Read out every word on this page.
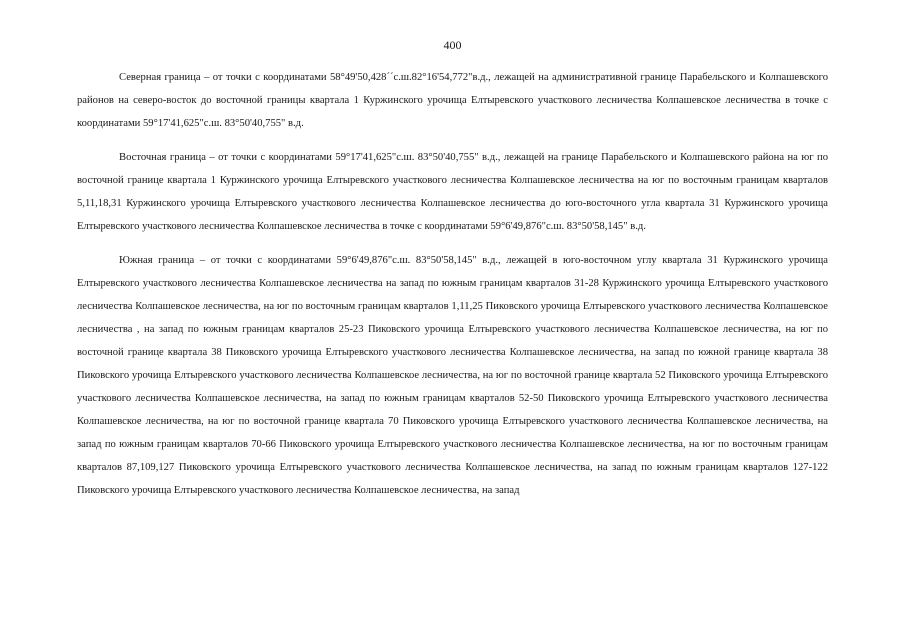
400

Северная граница – от точки с координатами 58°49'50,428´´с.ш.82°16'54,772"в.д., лежащей на административной границе Парабельского и Колпашевского районов на северо-восток до восточной границы квартала 1 Куржинского урочища Елтыревского участкового лесничества Колпашевское лесничества в точке с координатами 59°17'41,625"с.ш. 83°50'40,755" в.д.

Восточная граница – от точки с координатами 59°17'41,625"с.ш. 83°50'40,755" в.д., лежащей на границе Парабельского и Колпашевского района на юг по восточной границе квартала 1 Куржинского урочища Елтыревского участкового лесничества Колпашевское лесничества на юг по восточным границам кварталов 5,11,18,31 Куржинского урочища Елтыревского участкового лесничества Колпашевское лесничества до юго-восточного угла квартала 31 Куржинского урочища Елтыревского участкового лесничества Колпашевское лесничества в точке с координатами 59°6'49,876"с.ш. 83°50'58,145" в.д.

Южная граница – от точки с координатами 59°6'49,876"с.ш. 83°50'58,145" в.д., лежащей в юго-восточном углу квартала 31 Куржинского урочища Елтыревского участкового лесничества Колпашевское лесничества на запад по южным границам кварталов 31-28 Куржинского урочища Елтыревского участкового лесничества Колпашевское лесничества, на юг по восточным границам кварталов 1,11,25 Пиковского урочища Елтыревского участкового лесничества Колпашевское лесничества , на запад по южным границам кварталов 25-23 Пиковского урочища Елтыревского участкового лесничества Колпашевское лесничества, на юг по восточной границе квартала 38 Пиковского урочища Елтыревского участкового лесничества Колпашевское лесничества, на запад по южной границе квартала 38 Пиковского урочища Елтыревского участкового лесничества Колпашевское лесничества, на юг по восточной границе квартала 52 Пиковского урочища Елтыревского участкового лесничества Колпашевское лесничества, на запад по южным границам кварталов 52-50 Пиковского урочища Елтыревского участкового лесничества Колпашевское лесничества, на юг по восточной границе квартала 70 Пиковского урочища Елтыревского участкового лесничества Колпашевское лесничества, на запад по южным границам кварталов 70-66 Пиковского урочища Елтыревского участкового лесничества Колпашевское лесничества, на юг по восточным границам кварталов 87,109,127 Пиковского урочища Елтыревского участкового лесничества Колпашевское лесничества, на запад по южным границам кварталов 127-122 Пиковского урочища Елтыревского участкового лесничества Колпашевское лесничества, на запад
